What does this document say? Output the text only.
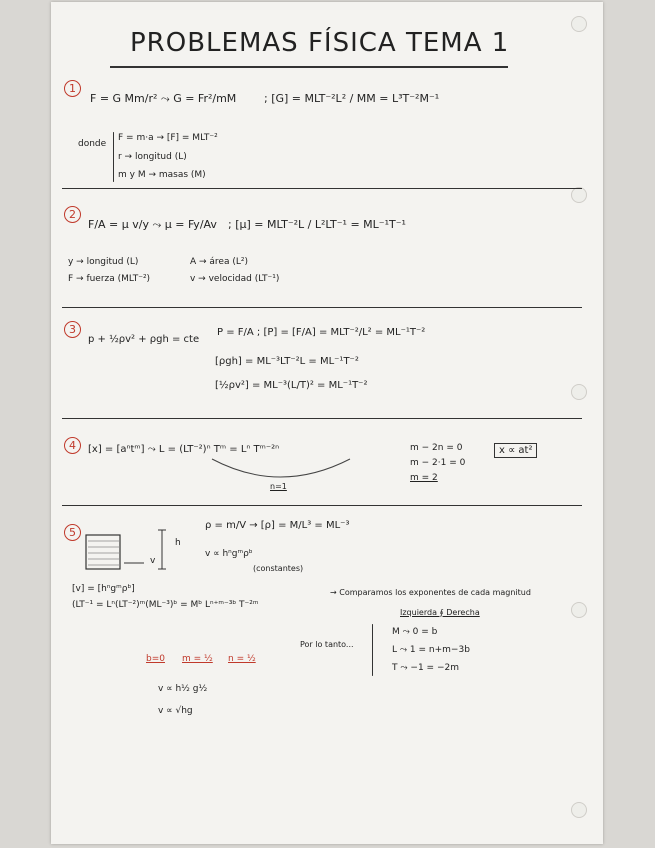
PROBLEMAS FÍSICA TEMA 1
1
F = G Mm/r² ⤳ G = Fr²/mM	; [G] = MLT⁻²L² / MM = L³T⁻²M⁻¹
donde
F = m·a → [F] = MLT⁻²
r → longitud (L)
m y M → masas (M)
2
F/A = μ v/y ⤳ μ = Fy/Av ; [μ] = MLT⁻²L / L²LT⁻¹ = ML⁻¹T⁻¹
y → longitud (L)	A → área (L²)
F → fuerza (MLT⁻²)	v → velocidad (LT⁻¹)
3
p + ½ρv² + ρgh = cte
P = F/A ; [P] = [F/A] = MLT⁻²/L² = ML⁻¹T⁻²
[ρgh] = ML⁻³LT⁻²L = ML⁻¹T⁻²
[½ρv²] = ML⁻³(L/T)² = ML⁻¹T⁻²
4	[x] = [aⁿtᵐ] ⤳ L = (LT⁻²)ⁿ Tᵐ = Lⁿ Tᵐ⁻²ⁿ
n=1
m − 2n = 0
m − 2·1 = 0
m = 2
x ∝ at²
5
h
v
ρ = m/V → [ρ] = M/L³ = ML⁻³
v ∝ hⁿgᵐρᵇ
(constantes)
[v] = [hⁿgᵐρᵇ]
(LT⁻¹ = Lⁿ(LT⁻²)ᵐ(ML⁻³)ᵇ = Mᵇ Lⁿ⁺ᵐ⁻³ᵇ T⁻²ᵐ
→ Comparamos los exponentes de cada magnitud
Izquierda ∮ Derecha
Por lo tanto...
M ⤳ 0 = b
L ⤳ 1 = n+m−3b
T ⤳ −1 = −2m
b=0 m = ½ n = ½
v ∝ h½ g½
v ∝ √hg
